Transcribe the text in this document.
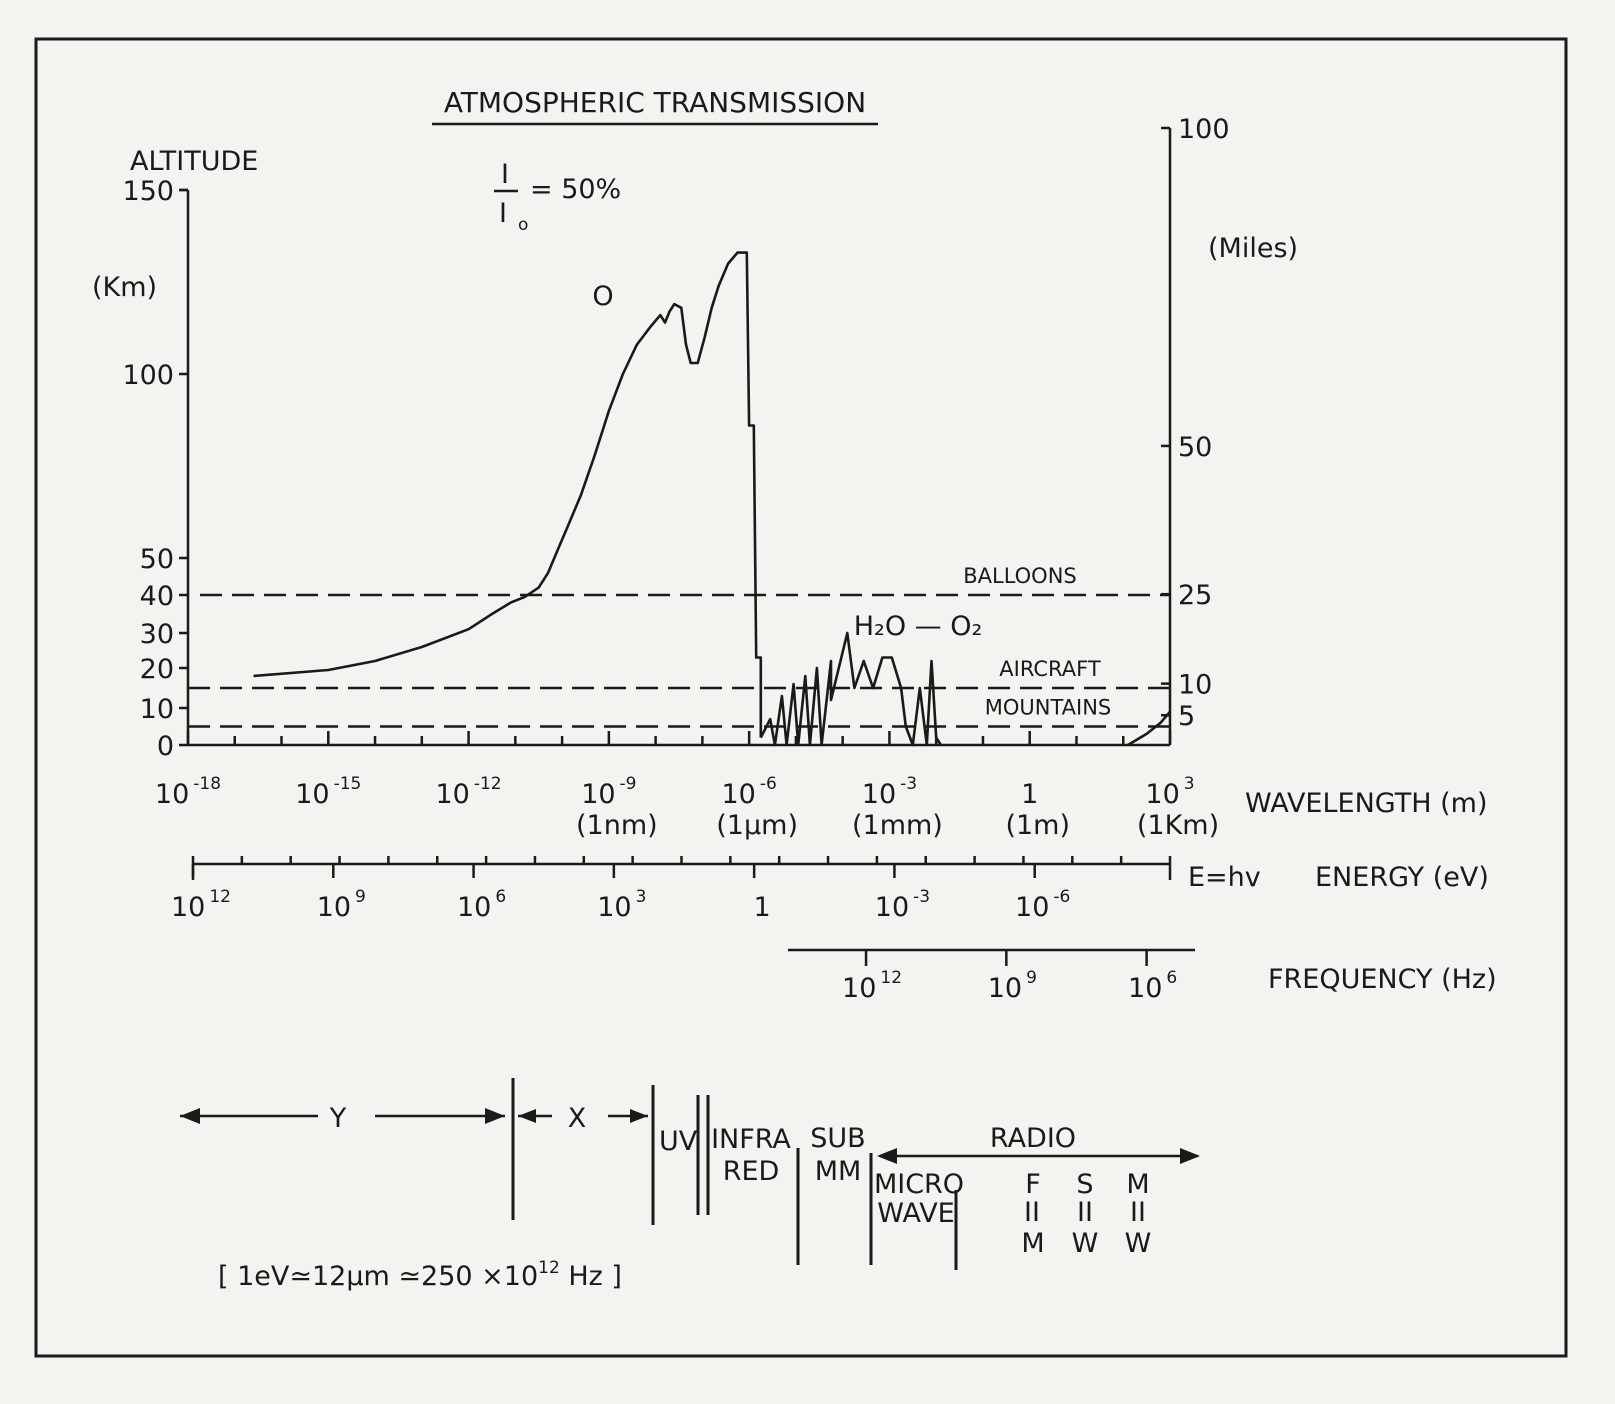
ATMOSPHERIC TRANSMISSION
I
I o
= 50%
ALTITUDE
(Km)
(Miles)
WAVELENGTH (m)
E=hv ENERGY (eV)
FREQUENCY (Hz)
0
10
20
30
40
50
100
150
5
10
25
50
100
10 $^{-18}$	10 $^{-15}$	10 $^{-12}$	10 $^{-9}$
(1nm)
10 $^{-6}$
(1μm)
10 $^{-3}$
(1mm)
1
(1m)
10 $^3$
(1Km)
10 $^{12}$	10 $^9$	10 $^6$	10 $^3$	1	10 $^{-3}$	10 $^{-6}$
10 $^{12}$	10 $^9$	10 $^6$
BALLOONS
AIRCRAFT
MOUNTAINS
O
H₂O — O₂
Y	X
UV INFRA
RED
SUB
MM
RADIO
MICRO
WAVE
F
II
M
S
II
W
M
II
W
[ 1eV≃12μm ≃250 $\times 10^{12}$ Hz ]
